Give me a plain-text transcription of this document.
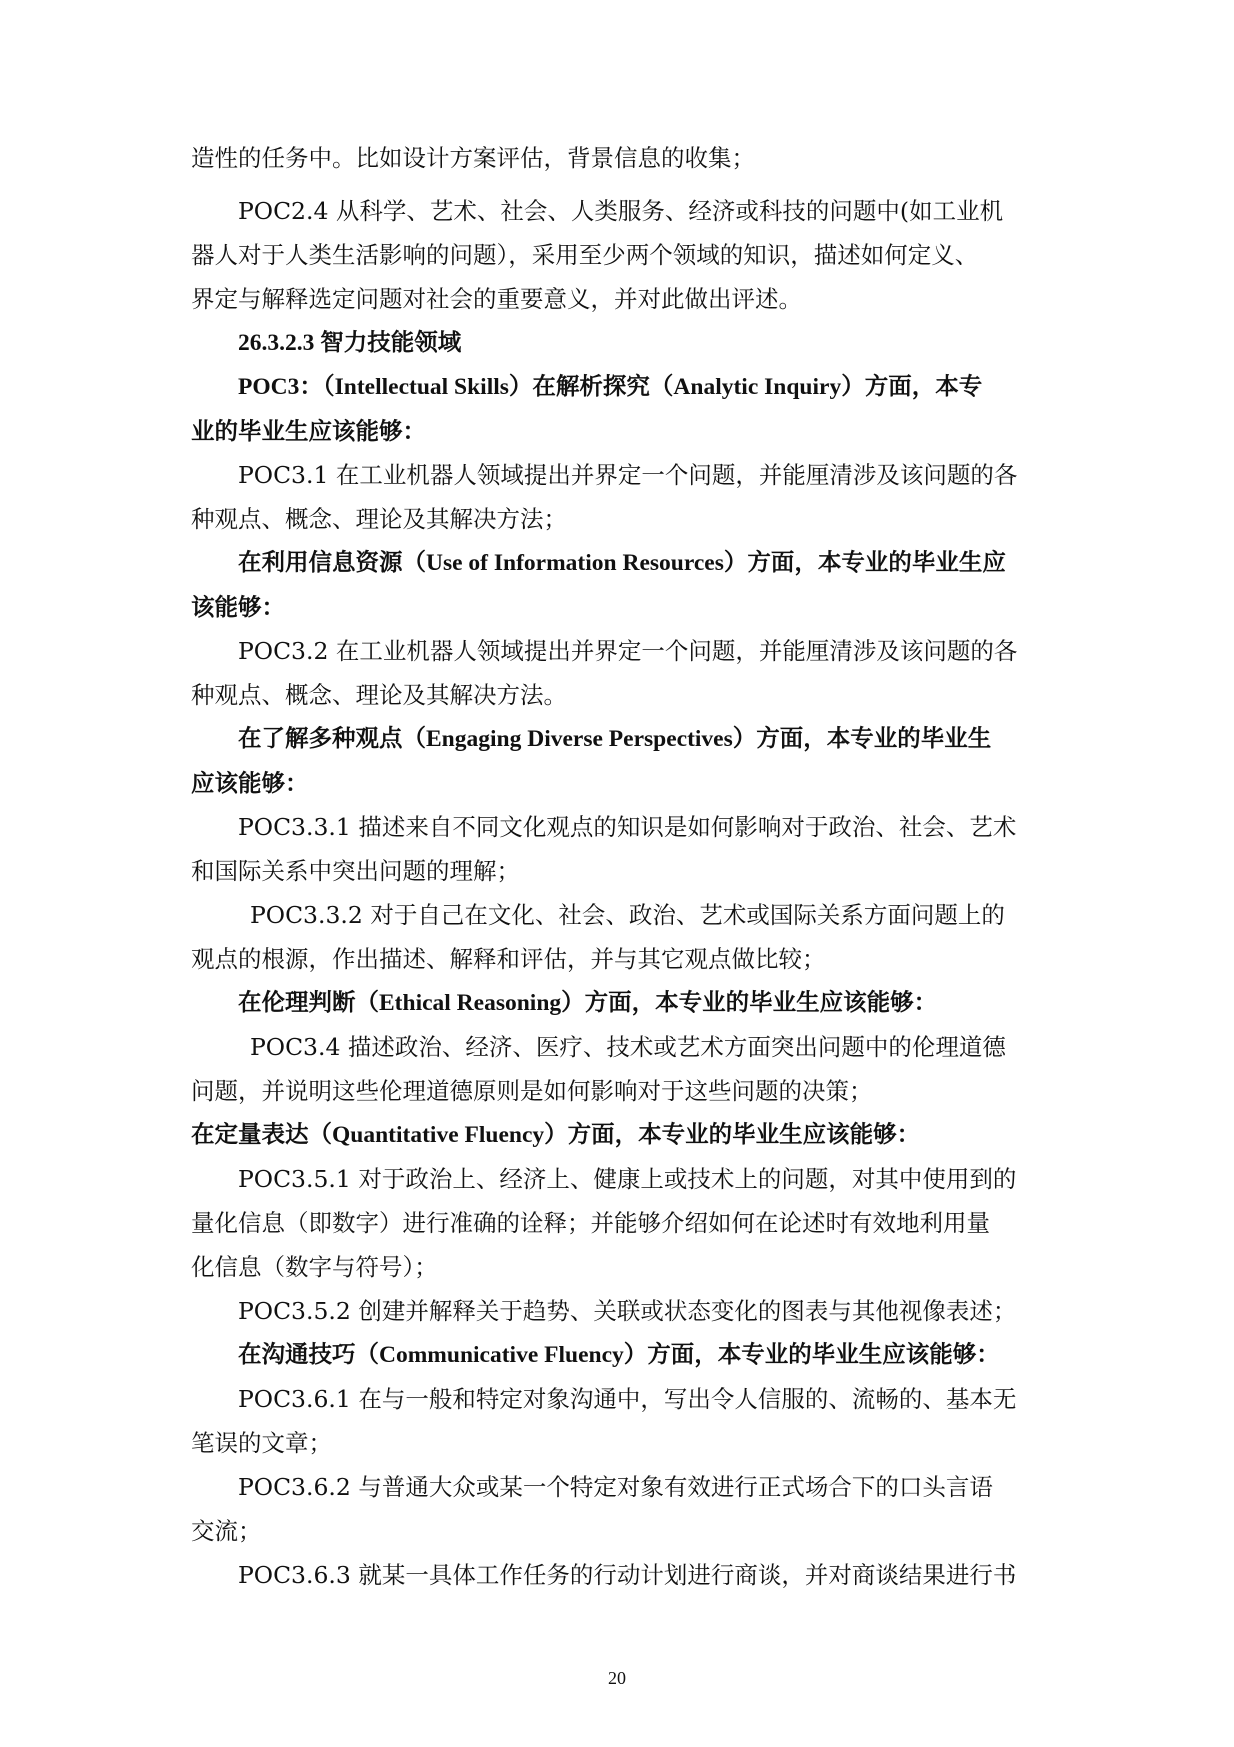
造性的任务中。比如设计方案评估，背景信息的收集；
POC2.4 从科学、艺术、社会、人类服务、经济或科技的问题中(如工业机
器人对于人类生活影响的问题），采用至少两个领域的知识，描述如何定义、
界定与解释选定问题对社会的重要意义，并对此做出评述。
26.3.2.3 智力技能领域
POC3：（Intellectual Skills）在解析探究（Analytic Inquiry）方面，本专
业的毕业生应该能够：
POC3.1 在工业机器人领域提出并界定一个问题，并能厘清涉及该问题的各
种观点、概念、理论及其解决方法；
在利用信息资源（Use of Information Resources）方面，本专业的毕业生应
该能够：
POC3.2 在工业机器人领域提出并界定一个问题，并能厘清涉及该问题的各
种观点、概念、理论及其解决方法。
在了解多种观点（Engaging Diverse Perspectives）方面，本专业的毕业生
应该能够：
POC3.3.1 描述来自不同文化观点的知识是如何影响对于政治、社会、艺术
和国际关系中突出问题的理解；
POC3.3.2 对于自己在文化、社会、政治、艺术或国际关系方面问题上的
观点的根源，作出描述、解释和评估，并与其它观点做比较；
在伦理判断（Ethical Reasoning）方面，本专业的毕业生应该能够：
POC3.4 描述政治、经济、医疗、技术或艺术方面突出问题中的伦理道德
问题，并说明这些伦理道德原则是如何影响对于这些问题的决策；
在定量表达（Quantitative Fluency）方面，本专业的毕业生应该能够：
POC3.5.1 对于政治上、经济上、健康上或技术上的问题，对其中使用到的
量化信息（即数字）进行准确的诠释；并能够介绍如何在论述时有效地利用量
化信息（数字与符号）；
POC3.5.2 创建并解释关于趋势、关联或状态变化的图表与其他视像表述；
在沟通技巧（Communicative Fluency）方面，本专业的毕业生应该能够：
POC3.6.1 在与一般和特定对象沟通中，写出令人信服的、流畅的、基本无
笔误的文章；
POC3.6.2 与普通大众或某一个特定对象有效进行正式场合下的口头言语
交流；
POC3.6.3 就某一具体工作任务的行动计划进行商谈，并对商谈结果进行书
20
